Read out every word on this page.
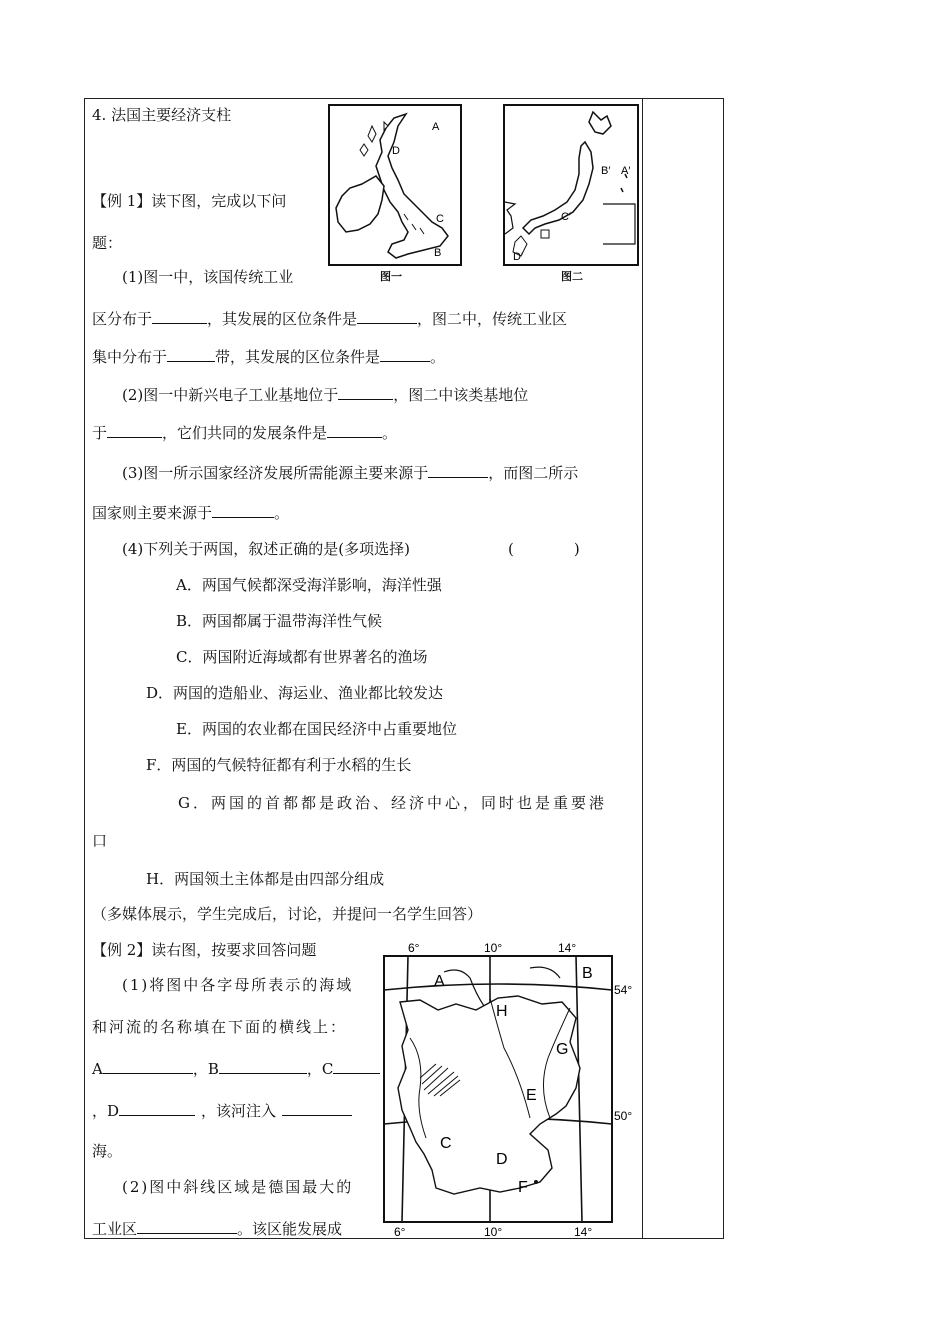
4. 法国主要经济支柱
【例 1】读下图，完成以下问
题：
(1)图一中，该国传统工业
区分布于	，其发展的区位条件是	，图二中，传统工业区
集中分布于	带，其发展的区位条件是	。
(2)图一中新兴电子工业基地位于	，图二中该类基地位
于	，它们共同的发展条件是	。
(3)图一所示国家经济发展所需能源主要来源于	，而图二所示
国家则主要来源于	。
(4)下列关于两国，叙述正确的是(多项选择)	(　　　　)
A．两国气候都深受海洋影响，海洋性强
B．两国都属于温带海洋性气候
C．两国附近海域都有世界著名的渔场
D．两国的造船业、海运业、渔业都比较发达
E．两国的农业都在国民经济中占重要地位
F．两国的气候特征都有利于水稻的生长
G．两国的首都都是政治、经济中心，同时也是重要港
口
H．两国领土主体都是由四部分组成
（多媒体展示，学生完成后，讨论，并提问一名学生回答）
【例 2】读右图，按要求回答问题
(1)将图中各字母所表示的海域
和河流的名称填在下面的横线上：
A	，B	，C
，D	，该河注入
海。
(2)图中斜线区域是德国最大的
工业区	。该区能发展成
A
B
C
D
图一
B′ A′
C′
D′
图二
6°	10°	14°
54°
50°
A	B
C
D
E
F
G
H
6°	10°	14°
